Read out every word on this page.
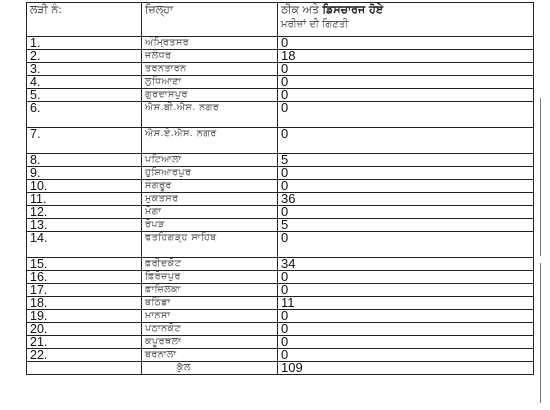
ਲੜੀ ਨੰ:	ਜ਼ਿਲ੍ਹਾ	ਠੀਕ ਅਤੇ ਡਿਸਚਾਰਜ ਹੋਏ
ਮਰੀਜ਼ਾਂ ਦੀ ਗਿਣਤੀ
1.	ਅੰਮ੍ਰਿਤਸਰ	0
2.	ਜਲੰਧਰ	18
3.	ਤਰਨਤਾਰਨ	0
4.	ਲੁਧਿਆਣਾ	0
5.	ਗੁਰਦਾਸਪੁਰ	0
6.	ਐਸ.ਬੀ.ਐਸ. ਨਗਰ	0
7.	ਐਸ.ਏ.ਐਸ. ਨਗਰ	0
8.	ਪਟਿਆਲਾ	5
9.	ਹੁਸ਼ਿਆਰਪੁਰ	0
10.	ਸੰਗਰੂਰ	0
11.	ਮੁਕਤਸਰ	36
12.	ਮੋਗਾ	0
13.	ਰੋਪੜ	5
14.	ਫਤਹਿਗੜ੍ਹ ਸਾਹਿਬ	0
15.	ਫ਼ਰੀਦਕੋਟ	34
16.	ਫ਼ਿਰੋਜ਼ਪੁਰ	0
17.	ਫ਼ਾਜ਼ਿਲਕਾ	0
18.	ਬਠਿੰਡਾ	11
19.	ਮਾਨਸਾ	0
20.	ਪਠਾਨਕੋਟ	0
21.	ਕਪੂਰਥਲਾ	0
22.	ਬਰਨਾਲਾ	0
	ਕੁੱਲ	109
